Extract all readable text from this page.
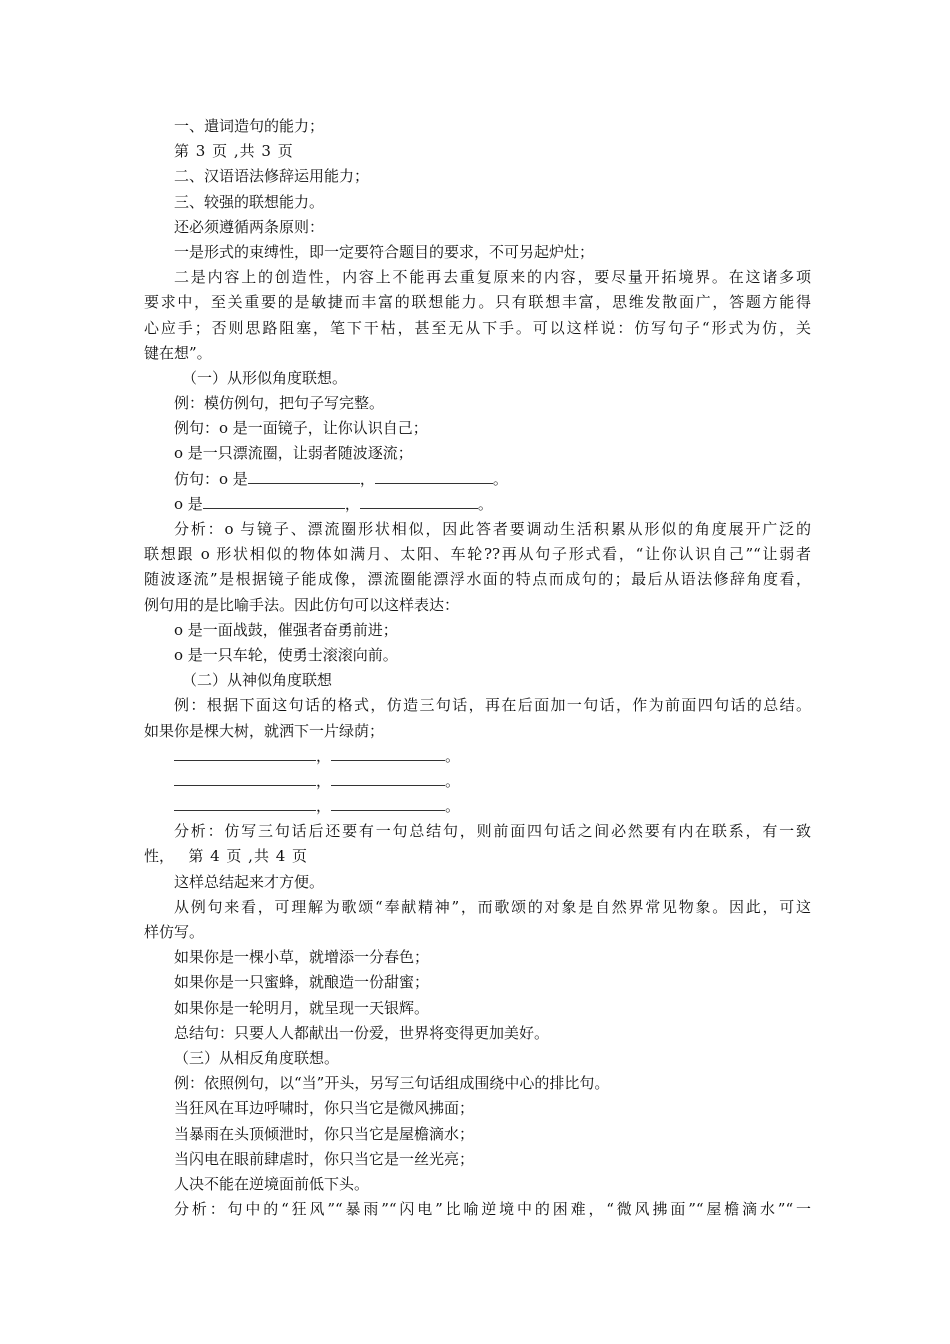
一、遣词造句的能力；
第 3 页 ,共 3 页
二、汉语语法修辞运用能力；
三、较强的联想能力。
还必须遵循两条原则：
一是形式的束缚性，即一定要符合题目的要求，不可另起炉灶；
二是内容上的创造性，内容上不能再去重复原来的内容，要尽量开拓境界。在这诸多项
要求中，至关重要的是敏捷而丰富的联想能力。只有联想丰富，思维发散面广，答题方能得
心应手；否则思路阻塞，笔下干枯，甚至无从下手。可以这样说：仿写句子“形式为仿，关
键在想”。
（一）从形似角度联想。
例：模仿例句，把句子写完整。
例句：o 是一面镜子，让你认识自己；
o 是一只漂流圈，让弱者随波逐流；
仿句：o 是	，	。
o 是	，	。
分析：o 与镜子、漂流圈形状相似，因此答者要调动生活积累从形似的角度展开广泛的
联想跟 o 形状相似的物体如满月、太阳、车轮??再从句子形式看，“让你认识自己”“让弱者
随波逐流”是根据镜子能成像，漂流圈能漂浮水面的特点而成句的；最后从语法修辞角度看，
例句用的是比喻手法。因此仿句可以这样表达：
o 是一面战鼓，催强者奋勇前进；
o 是一只车轮，使勇士滚滚向前。
（二）从神似角度联想
例：根据下面这句话的格式，仿造三句话，再在后面加一句话，作为前面四句话的总结。
如果你是棵大树，就洒下一片绿荫；
，	。
，	。
，	。
分析：仿写三句话后还要有一句总结句，则前面四句话之间必然要有内在联系，有一致
性， 第 4 页 ,共 4 页
这样总结起来才方便。
从例句来看，可理解为歌颂“奉献精神”，而歌颂的对象是自然界常见物象。因此，可这
样仿写。
如果你是一棵小草，就增添一分春色；
如果你是一只蜜蜂，就酿造一份甜蜜；
如果你是一轮明月，就呈现一天银辉。
总结句：只要人人都献出一份爱，世界将变得更加美好。
（三）从相反角度联想。
例：依照例句，以“当”开头，另写三句话组成围绕中心的排比句。
当狂风在耳边呼啸时，你只当它是微风拂面；
当暴雨在头顶倾泄时，你只当它是屋檐滴水；
当闪电在眼前肆虐时，你只当它是一丝光亮；
人决不能在逆境面前低下头。
分析：句中的“狂风”“暴雨”“闪电”比喻逆境中的困难，“微风拂面”“屋檐滴水”“一
